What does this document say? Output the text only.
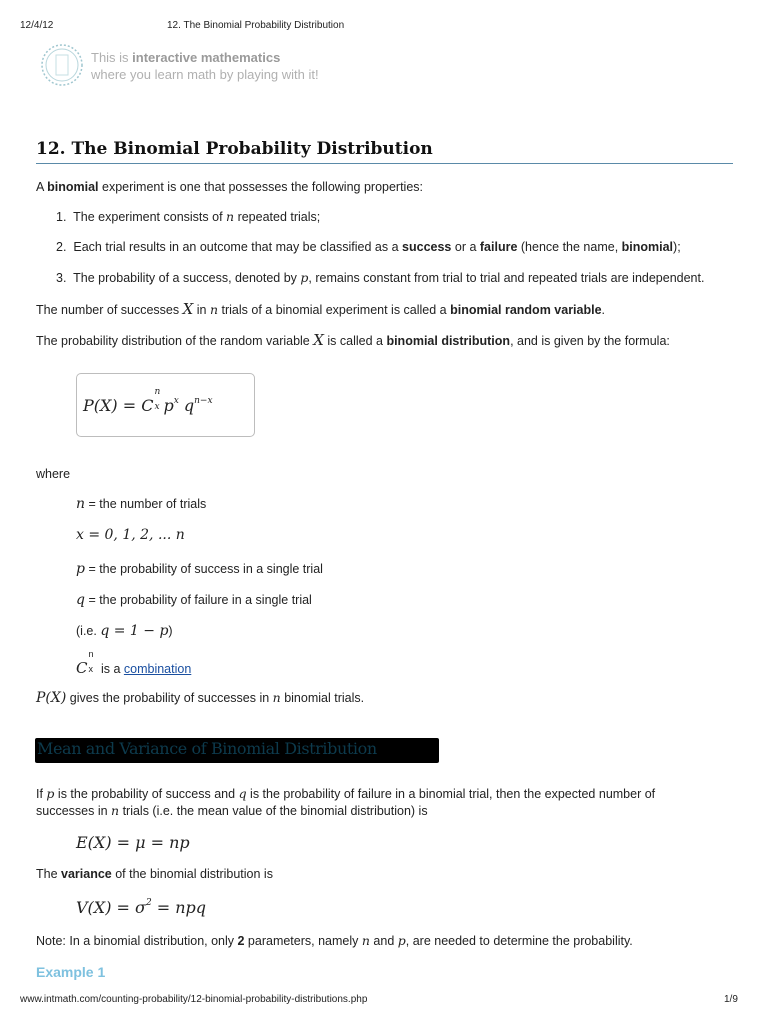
12/4/12	12. The Binomial Probability Distribution
This is interactive mathematics
where you learn math by playing with it!
12. The Binomial Probability Distribution
A binomial experiment is one that possesses the following properties:
1. The experiment consists of n repeated trials;
2. Each trial results in an outcome that may be classified as a success or a failure (hence the name, binomial);
3. The probability of a success, denoted by p, remains constant from trial to trial and repeated trials are independent.
The number of successes X in n trials of a binomial experiment is called a binomial random variable.
The probability distribution of the random variable X is called a binomial distribution, and is given by the formula:
P(X) = C
n
x $p^x$ $q^{n-x}$
where
n = the number of trials
x = 0, 1, 2, ... n
p = the probability of success in a single trial
q = the probability of failure in a single trial
(i.e. q = 1 − p)
C
n
x is a combination
P(X) gives the probability of successes in n binomial trials.
Mean and Variance of Binomial Distribution
If p is the probability of success and q is the probability of failure in a binomial trial, then the expected number of
successes in n trials (i.e. the mean value of the binomial distribution) is
E(X) = μ = np
The variance of the binomial distribution is
$V(X) = \sigma^2$ = npq
Note: In a binomial distribution, only 2 parameters, namely n and p, are needed to determine the probability.
Example 1
www.intmath.com/counting-probability/12-binomial-probability-distributions.php	1/9
